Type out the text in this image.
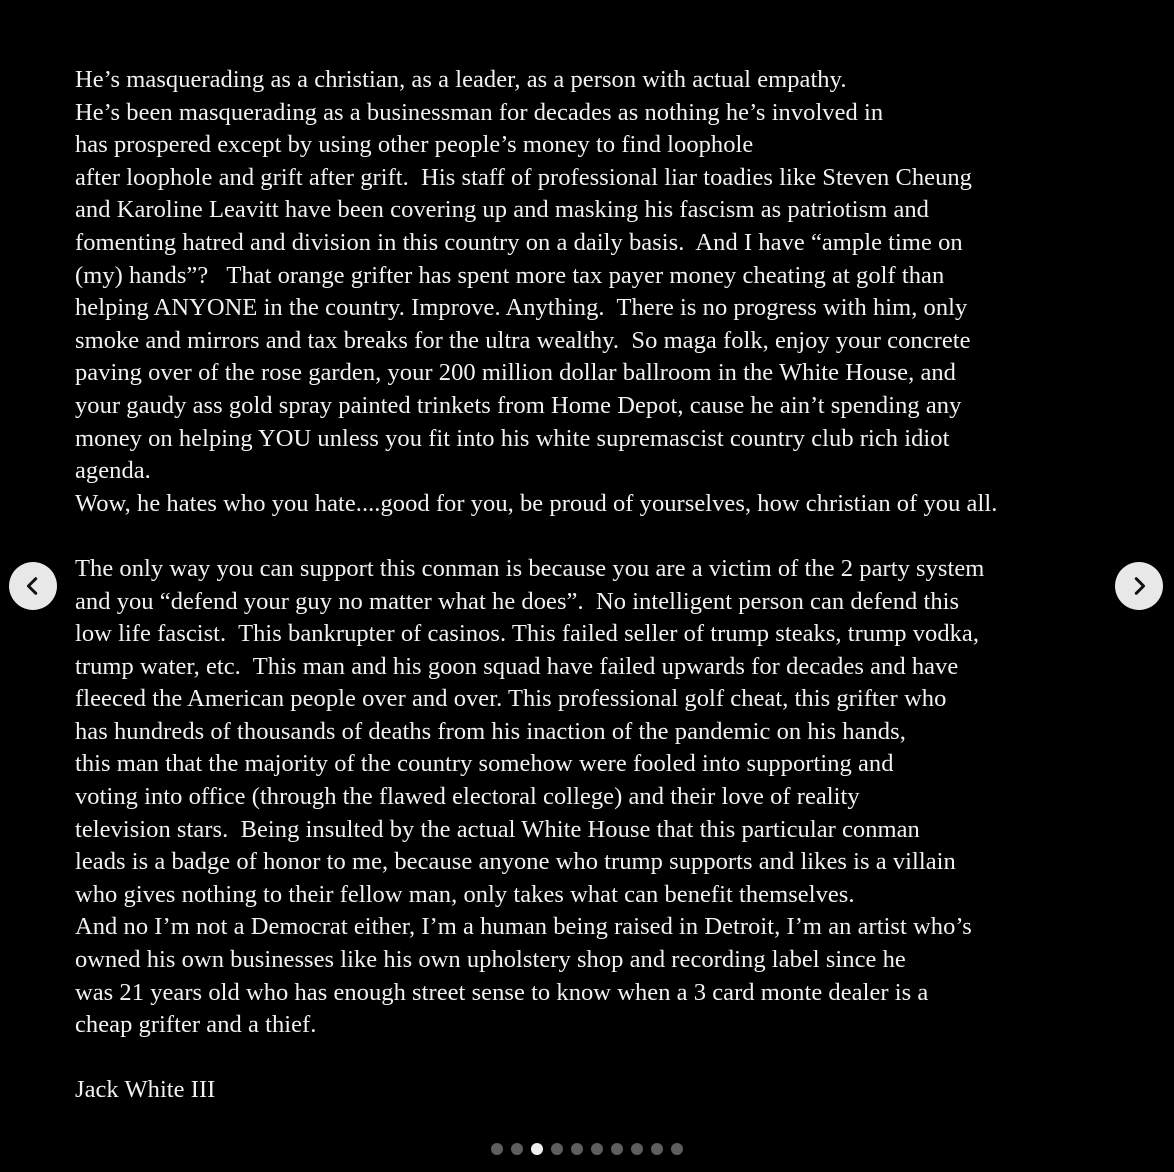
He’s masquerading as a christian, as a leader, as a person with actual empathy.
He’s been masquerading as a businessman for decades as nothing he’s involved in
has prospered except by using other people’s money to find loophole
after loophole and grift after grift.  His staff of professional liar toadies like Steven Cheung
and Karoline Leavitt have been covering up and masking his fascism as patriotism and
fomenting hatred and division in this country on a daily basis.  And I have “ample time on
(my) hands”?   That orange grifter has spent more tax payer money cheating at golf than
helping ANYONE in the country. Improve. Anything.  There is no progress with him, only
smoke and mirrors and tax breaks for the ultra wealthy.  So maga folk, enjoy your concrete
paving over of the rose garden, your 200 million dollar ballroom in the White House, and
your gaudy ass gold spray painted trinkets from Home Depot, cause he ain’t spending any
money on helping YOU unless you fit into his white supremascist country club rich idiot
agenda.
Wow, he hates who you hate....good for you, be proud of yourselves, how christian of you all.
The only way you can support this conman is because you are a victim of the 2 party system
and you “defend your guy no matter what he does”.  No intelligent person can defend this
low life fascist.  This bankrupter of casinos. This failed seller of trump steaks, trump vodka,
trump water, etc.  This man and his goon squad have failed upwards for decades and have
fleeced the American people over and over. This professional golf cheat, this grifter who
has hundreds of thousands of deaths from his inaction of the pandemic on his hands,
this man that the majority of the country somehow were fooled into supporting and
voting into office (through the flawed electoral college) and their love of reality
television stars.  Being insulted by the actual White House that this particular conman
leads is a badge of honor to me, because anyone who trump supports and likes is a villain
who gives nothing to their fellow man, only takes what can benefit themselves.
And no I’m not a Democrat either, I’m a human being raised in Detroit, I’m an artist who’s
owned his own businesses like his own upholstery shop and recording label since he
was 21 years old who has enough street sense to know when a 3 card monte dealer is a
cheap grifter and a thief.
Jack White III
